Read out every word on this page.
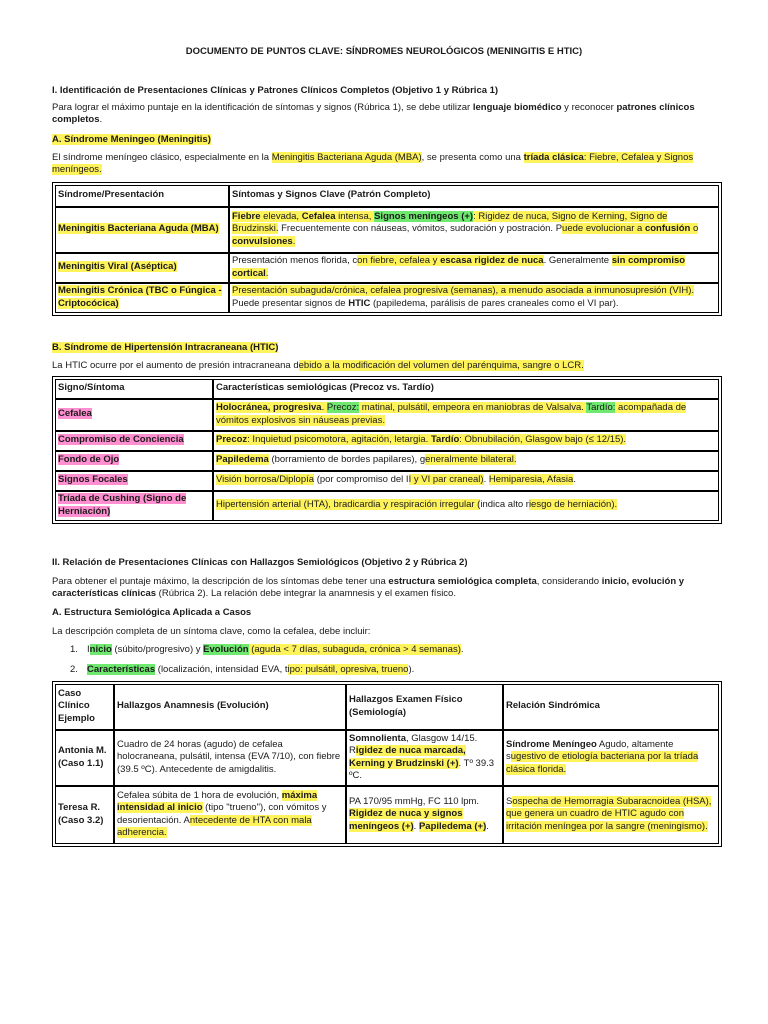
DOCUMENTO DE PUNTOS CLAVE: SÍNDROMES NEUROLÓGICOS (MENINGITIS E HTIC)
I. Identificación de Presentaciones Clínicas y Patrones Clínicos Completos (Objetivo 1 y Rúbrica 1)
Para lograr el máximo puntaje en la identificación de síntomas y signos (Rúbrica 1), se debe utilizar lenguaje biomédico y reconocer patrones clínicos completos.
A. Síndrome Meningeo (Meningitis)
El síndrome meníngeo clásico, especialmente en la Meningitis Bacteriana Aguda (MBA), se presenta como una tríada clásica: Fiebre, Cefalea y Signos meníngeos.
Síndrome/Presentación	Síntomas y Signos Clave (Patrón Completo)
Meningitis Bacteriana Aguda (MBA)	Fiebre elevada, Cefalea intensa, Signos meníngeos (+): Rigidez de nuca, Signo de Kerning, Signo de Brudzinski. Frecuentemente con náuseas, vómitos, sudoración y postración. Puede evolucionar a confusión o convulsiones.
Meningitis Viral (Aséptica)	Presentación menos florida, con fiebre, cefalea y escasa rigidez de nuca. Generalmente sin compromiso cortical.
Meningitis Crónica (TBC o Fúngica - Criptocócica)	Presentación subaguda/crónica, cefalea progresiva (semanas), a menudo asociada a inmunosupresión (VIH). Puede presentar signos de HTIC (papiledema, parálisis de pares craneales como el VI par).
B. Síndrome de Hipertensión Intracraneana (HTIC)
La HTIC ocurre por el aumento de presión intracraneana debido a la modificación del volumen del parénquima, sangre o LCR.
Signo/Síntoma	Características semiológicas (Precoz vs. Tardío)
Cefalea	Holocránea, progresiva. Precoz: matinal, pulsátil, empeora en maniobras de Valsalva. Tardío: acompañada de vómitos explosivos sin náuseas previas.
Compromiso de Conciencia	Precoz: Inquietud psicomotora, agitación, letargia. Tardío: Obnubilación, Glasgow bajo (≤ 12/15).
Fondo de Ojo	Papiledema (borramiento de bordes papilares), generalmente bilateral.
Signos Focales	Visión borrosa/Diplopía (por compromiso del II y VI par craneal). Hemiparesia, Afasia.
Tríada de Cushing (Signo de Herniación)	Hipertensión arterial (HTA), bradicardia y respiración irregular (indica alto riesgo de herniación).
II. Relación de Presentaciones Clínicas con Hallazgos Semiológicos (Objetivo 2 y Rúbrica 2)
Para obtener el puntaje máximo, la descripción de los síntomas debe tener una estructura semiológica completa, considerando inicio, evolución y características clínicas (Rúbrica 2). La relación debe integrar la anamnesis y el examen físico.
A. Estructura Semiológica Aplicada a Casos
La descripción completa de un síntoma clave, como la cefalea, debe incluir:
1. Inicio (súbito/progresivo) y Evolución (aguda < 7 días, subaguda, crónica > 4 semanas).
2. Características (localización, intensidad EVA, tipo: pulsátil, opresiva, trueno).
Caso Clínico Ejemplo	Hallazgos Anamnesis (Evolución)	Hallazgos Examen Físico (Semiología)	Relación Sindrómica
Antonia M. (Caso 1.1)	Cuadro de 24 horas (agudo) de cefalea holocraneana, pulsátil, intensa (EVA 7/10), con fiebre (39.5 ºC). Antecedente de amigdalitis.	Somnolienta, Glasgow 14/15. Rigidez de nuca marcada, Kerning y Brudzinski (+). Tº 39.3 ºC.	Síndrome Meníngeo Agudo, altamente sugestivo de etiología bacteriana por la tríada clásica florida.
Teresa R. (Caso 3.2)	Cefalea súbita de 1 hora de evolución, máxima intensidad al inicio (tipo "trueno"), con vómitos y desorientación. Antecedente de HTA con mala adherencia.	PA 170/95 mmHg, FC 110 lpm. Rigidez de nuca y signos meníngeos (+). Papiledema (+).	Sospecha de Hemorragia Subaracnoidea (HSA), que genera un cuadro de HTIC agudo con irritación meníngea por la sangre (meningismo).
